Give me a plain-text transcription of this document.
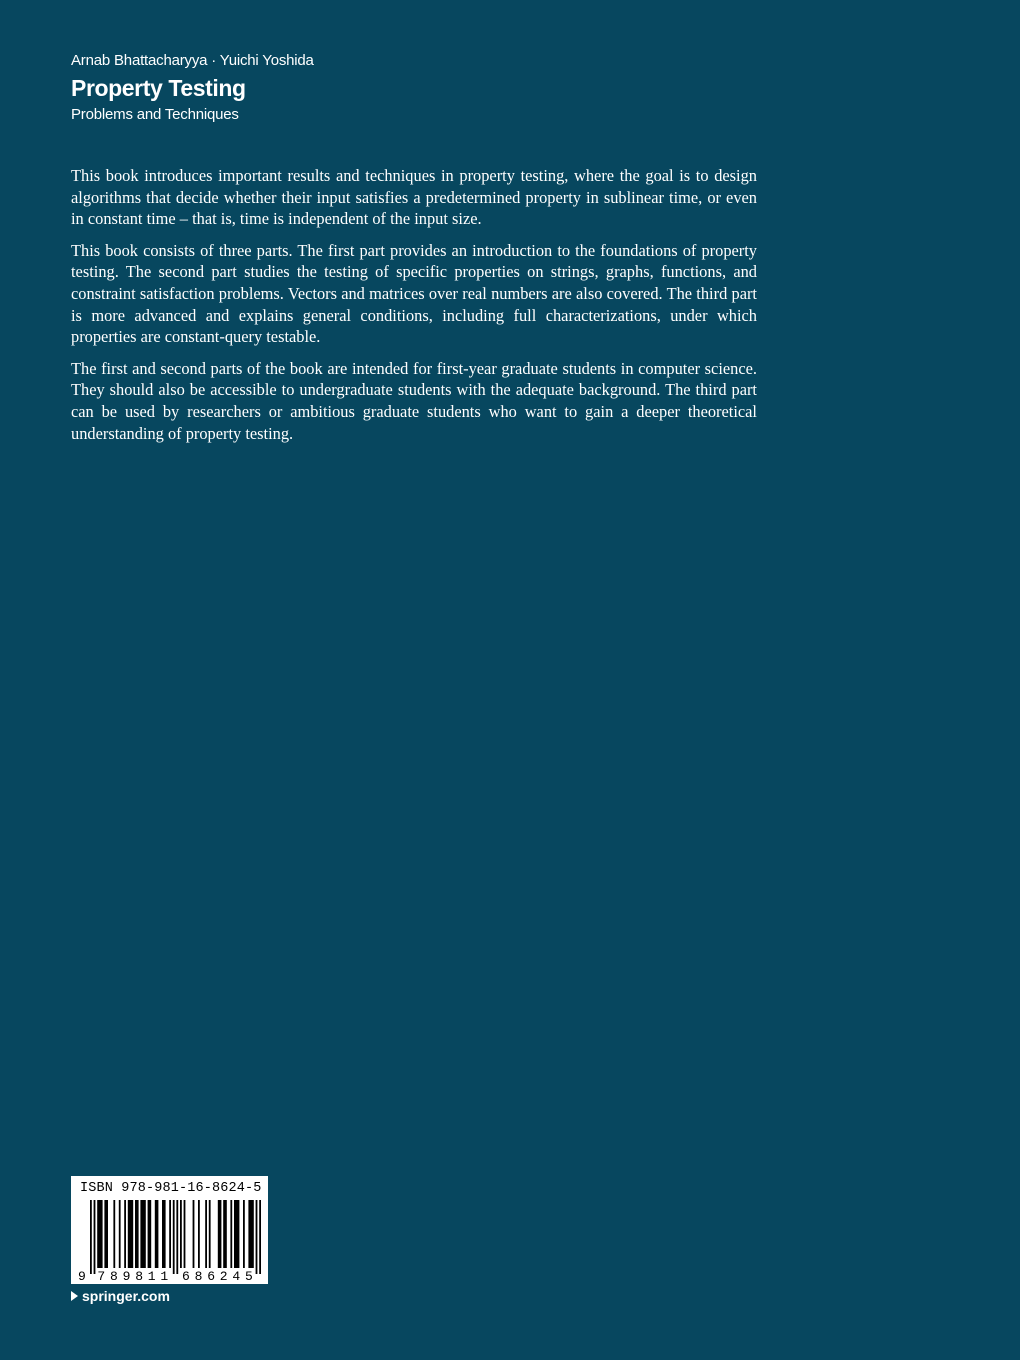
Arnab Bhattacharyya · Yuichi Yoshida
Property Testing
Problems and Techniques

This book introduces important results and techniques in property testing, where the goal is to design algorithms that decide whether their input satisfies a predetermined property in sublinear time, or even in constant time – that is, time is independent of the input size.

This book consists of three parts. The first part provides an introduction to the foundations of property testing. The second part studies the testing of specific properties on strings, graphs, functions, and constraint satisfaction problems. Vectors and matrices over real numbers are also covered. The third part is more advanced and explains general conditions, including full characterizations, under which properties are constant-query testable.

The first and second parts of the book are intended for first-year graduate students in computer science. They should also be accessible to undergraduate students with the adequate background. The third part can be used by researchers or ambitious graduate students who want to gain a deeper theoretical understanding of property testing.

ISBN 978-981-16-8624-5
9 7 8 9 8 1 1 6 8 6 2 4 5
springer.com
